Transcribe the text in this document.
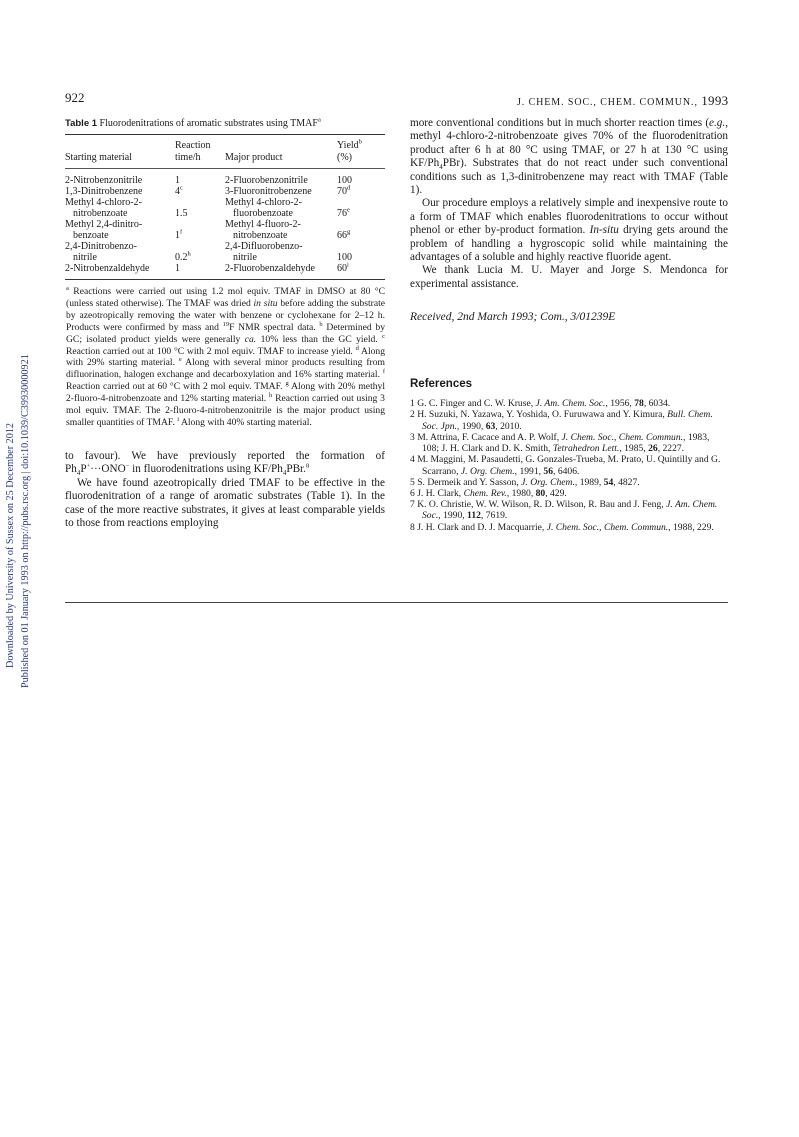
Downloaded by University of Sussex on 25 December 2012 Published on 01 January 1993 on http://pubs.rsc.org | doi:10.1039/C39930000921
922	J. CHEM. SOC., CHEM. COMMUN., 1993

Table 1 Fluorodenitrations of aromatic substrates using TMAF$^a$

	Reaction		Yield$^b$
Starting material	time/h	Major product	(%)
2-Nitrobenzonitrile	1	2-Fluorobenzonitrile	100
1,3-Dinitrobenzene	4$^c$	3-Fluoronitrobenzene	70$^d$
Methyl 4-chloro-2-		Methyl 4-chloro-2-	
nitrobenzoate	1.5	fluorobenzoate	76e
Methyl 2,4-dinitro-		Methyl 4-fluoro-2-	
benzoate	1$^f$	nitrobenzoate	66$^g$
2,4-Dinitrobenzo-		2,4-Difluorobenzo-	
nitrile	0.2$^h$	nitrile	100
2-Nitrobenzaldehyde	1	2-Fluorobenzaldehyde	60$^i$
$^a$ Reactions were carried out using 1.2 mol equiv. TMAF in DMSO at 80 °C (unless stated otherwise). The TMAF was dried in situ before adding the substrate by azeotropically removing the water with benzene or cyclohexane for 2–12 h. Products were confirmed by mass and $^{19}$F NMR spectral data. $^b$ Determined by GC; isolated product yields were generally ca. 10% less than the GC yield. $^c$ Reaction carried out at 100 °C with 2 mol equiv. TMAF to increase yield. $^d$ Along with 29% starting material. $^e$ Along with several minor products resulting from difluorination, halogen exchange and decarboxylation and 16% starting material. $^f$ Reaction carried out at 60 °C with 2 mol equiv. TMAF. $^g$ Along with 20% methyl 2-fluoro-4-nitrobenzoate and 12% starting material. $^h$ Reaction carried out using 3 mol equiv. TMAF. The 2-fluoro-4-nitrobenzonitrile is the major product using smaller quantities of TMAF. $^i$ Along with 40% starting material.
to favour). We have previously reported the formation of $Ph_4P^+\cdot\cdot\cdot ONO^-$ in fluorodenitrations using $KF/Ph_4PBr.^8$
We have found azeotropically dried TMAF to be effective in the fluorodenitration of a range of aromatic substrates (Table 1). In the case of the more reactive substrates, it gives at least comparable yields to those from reactions employing
more conventional conditions but in much shorter reaction times (e.g., methyl 4-chloro-2-nitrobenzoate gives 70% of the fluorodenitration product after 6 h at 80 °C using TMAF, or 27 h at 130 °C using $KF/Ph_4PBr$). Substrates that do not react under such conventional conditions such as 1,3-dinitrobenzene may react with TMAF (Table 1).
Our procedure employs a relatively simple and inexpensive route to a form of TMAF which enables fluorodenitrations to occur without phenol or ether by-product formation. In-situ drying gets around the problem of handling a hygroscopic solid while maintaining the advantages of a soluble and highly reactive fluoride agent.
We thank Lucia M. U. Mayer and Jorge S. Mendonca for experimental assistance.
Received, 2nd March 1993; Com., 3/01239E
References
1 G. C. Finger and C. W. Kruse, J. Am. Chem. Soc., 1956, 78, 6034.
2 H. Suzuki, N. Yazawa, Y. Yoshida, O. Furuwawa and Y. Kimura, Bull. Chem. Soc. Jpn., 1990, 63, 2010.
3 M. Attrina, F. Cacace and A. P. Wolf, J. Chem. Soc., Chem. Commun., 1983, 108; J. H. Clark and D. K. Smith, Tetrahedron Lett., 1985, 26, 2227.
4 M. Maggini, M. Pasaudetti, G. Gonzales-Trueba, M. Prato, U. Quintilly and G. Scarrano, J. Org. Chem., 1991, 56, 6406.
5 S. Dermeik and Y. Sasson, J. Org. Chem., 1989, 54, 4827.
6 J. H. Clark, Chem. Rev., 1980, 80, 429.
7 K. O. Christie, W. W. Wilson, R. D. Wilson, R. Bau and J. Feng, J. Am. Chem. Soc., 1990, 112, 7619.
8 J. H. Clark and D. J. Macquarrie, J. Chem. Soc., Chem. Commun., 1988, 229.
